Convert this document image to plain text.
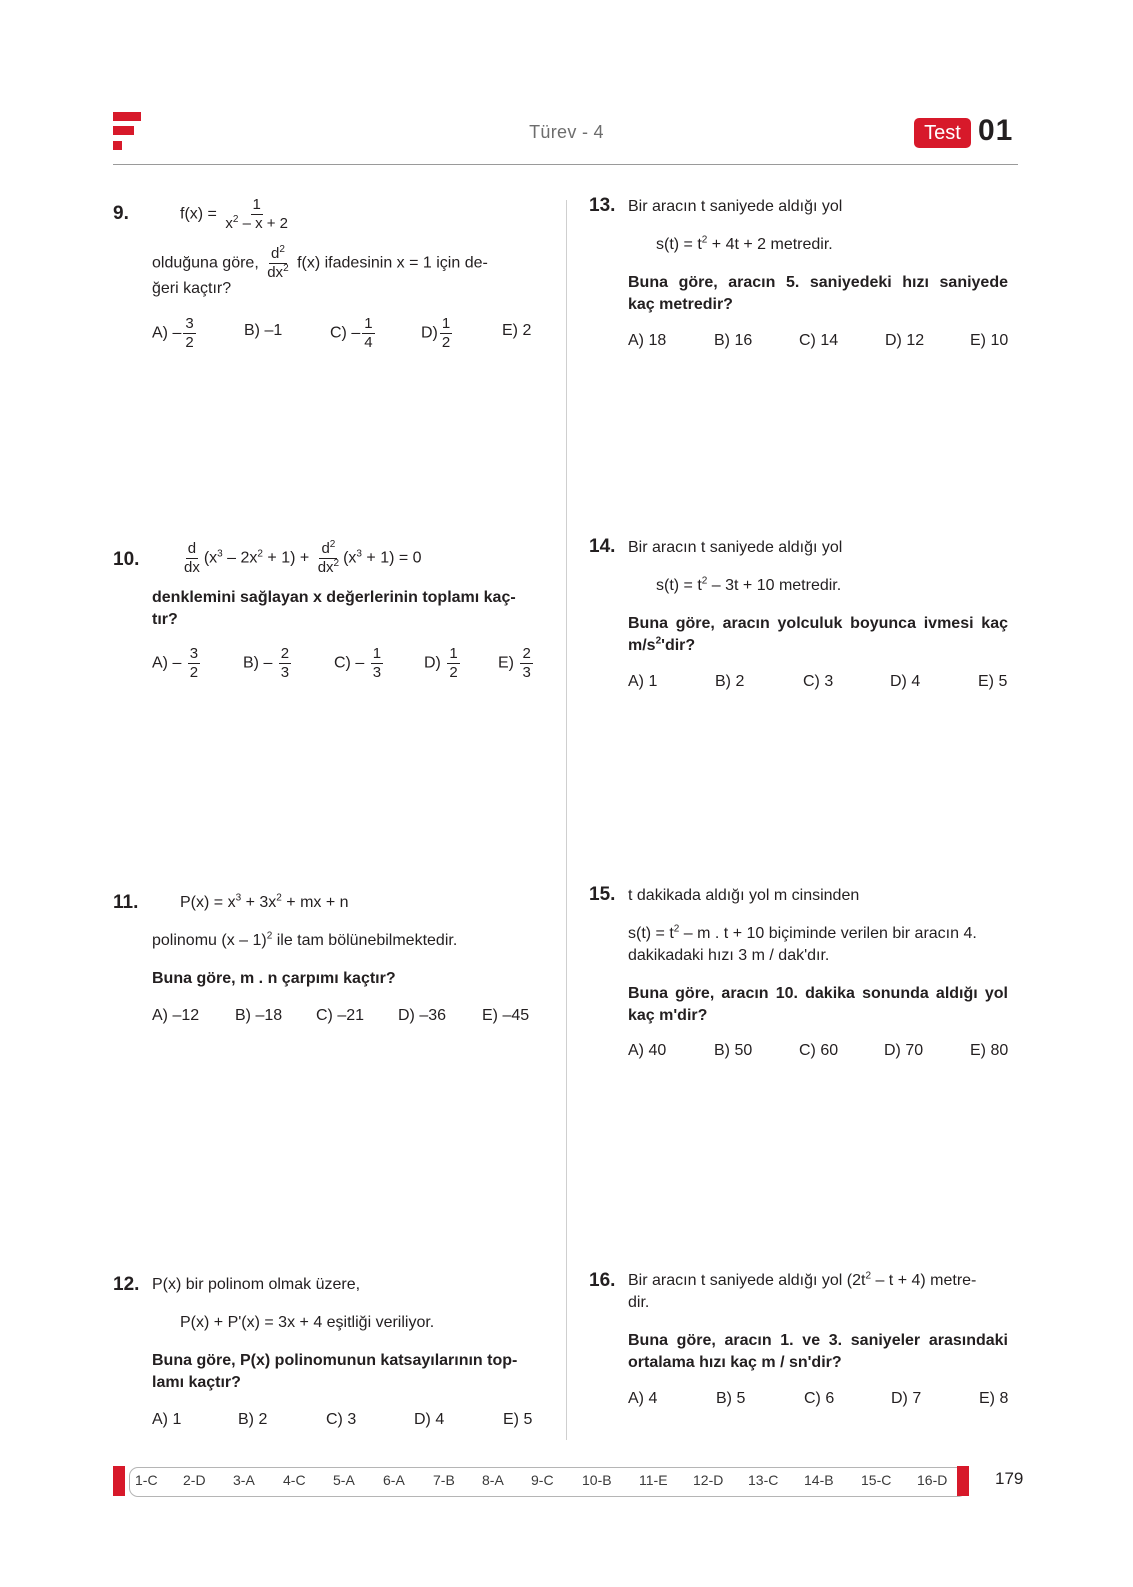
Türev - 4	Test 01
9.	$f(x) = \frac{1}{x^2 - x + 2}$
olduğuna göre, $\frac{d^2}{dx^2} f(x)$ ifadesinin x = 1 için de-
ğeri kaçtır?
$A) - \frac{3}{2}$	B) –1	$C) - \frac{1}{4}$	$D) \frac{1}{2}$	E) 2
10.	$\frac{d}{dx} (x^3 - 2x^2 + 1) + \frac{d^2}{dx^2} (x^3 + 1) = 0$
denklemini sağlayan x değerlerinin toplamı kaç-
tır?
$A) - \frac{3}{2}$	$B) - \frac{2}{3}$	$C) - \frac{1}{3}$	$D) \frac{1}{2} E) \frac{2}{3}$
11.	$P(x) = x^3 + 3x^2$ + mx + n
polinomu (x – 1)$^2$ ile tam bölünebilmektedir.
Buna göre, m . n çarpımı kaçtır?
A) –12 B) –18 C) –21 D) –36 E) –45
12. P(x) bir polinom olmak üzere,
P(x) + P'(x) = 3x + 4 eşitliği veriliyor.
Buna göre, P(x) polinomunun katsayılarının top-
lamı kaçtır?
A) 1	B) 2	C) 3	D) 4	E) 5
13. Bir aracın t saniyede aldığı yol
$s(t) = t^2 + 4t + 2$ metredir.
Buna göre, aracın 5. saniyedeki hızı saniyede
kaç metredir?
A) 18	B) 16	C) 14	D) 12	E) 10
14. Bir aracın t saniyede aldığı yol
$s(t) = t^2 - 3t + 10$ metredir.
Buna göre, aracın yolculuk boyunca ivmesi kaç
$m/s^2'dir$?
A) 1	B) 2	C) 3	D) 4	E) 5
15. t dakikada aldığı yol m cinsinden
$s(t) = t^2 - m$ . t + 10 biçiminde verilen bir aracın 4.
dakikadaki hızı 3 m / dak'dır.
Buna göre, aracın 10. dakika sonunda aldığı yol
kaç m'dir?
A) 40	B) 50	C) 60	D) 70	E) 80
16. Bir aracın t saniyede aldığı yol $(2t^2 - t + 4)$ metre-
dir.
Buna göre, aracın 1. ve 3. saniyeler arasındaki
ortalama hızı kaç m / sn'dir?
A) 4	B) 5	C) 6	D) 7	E) 8
1-C 2-D 3-A 4-C 5-A 6-A 7-B 8-A 9-C 10-B 11-E 12-D 13-C 14-B 15-C 16-D	179
